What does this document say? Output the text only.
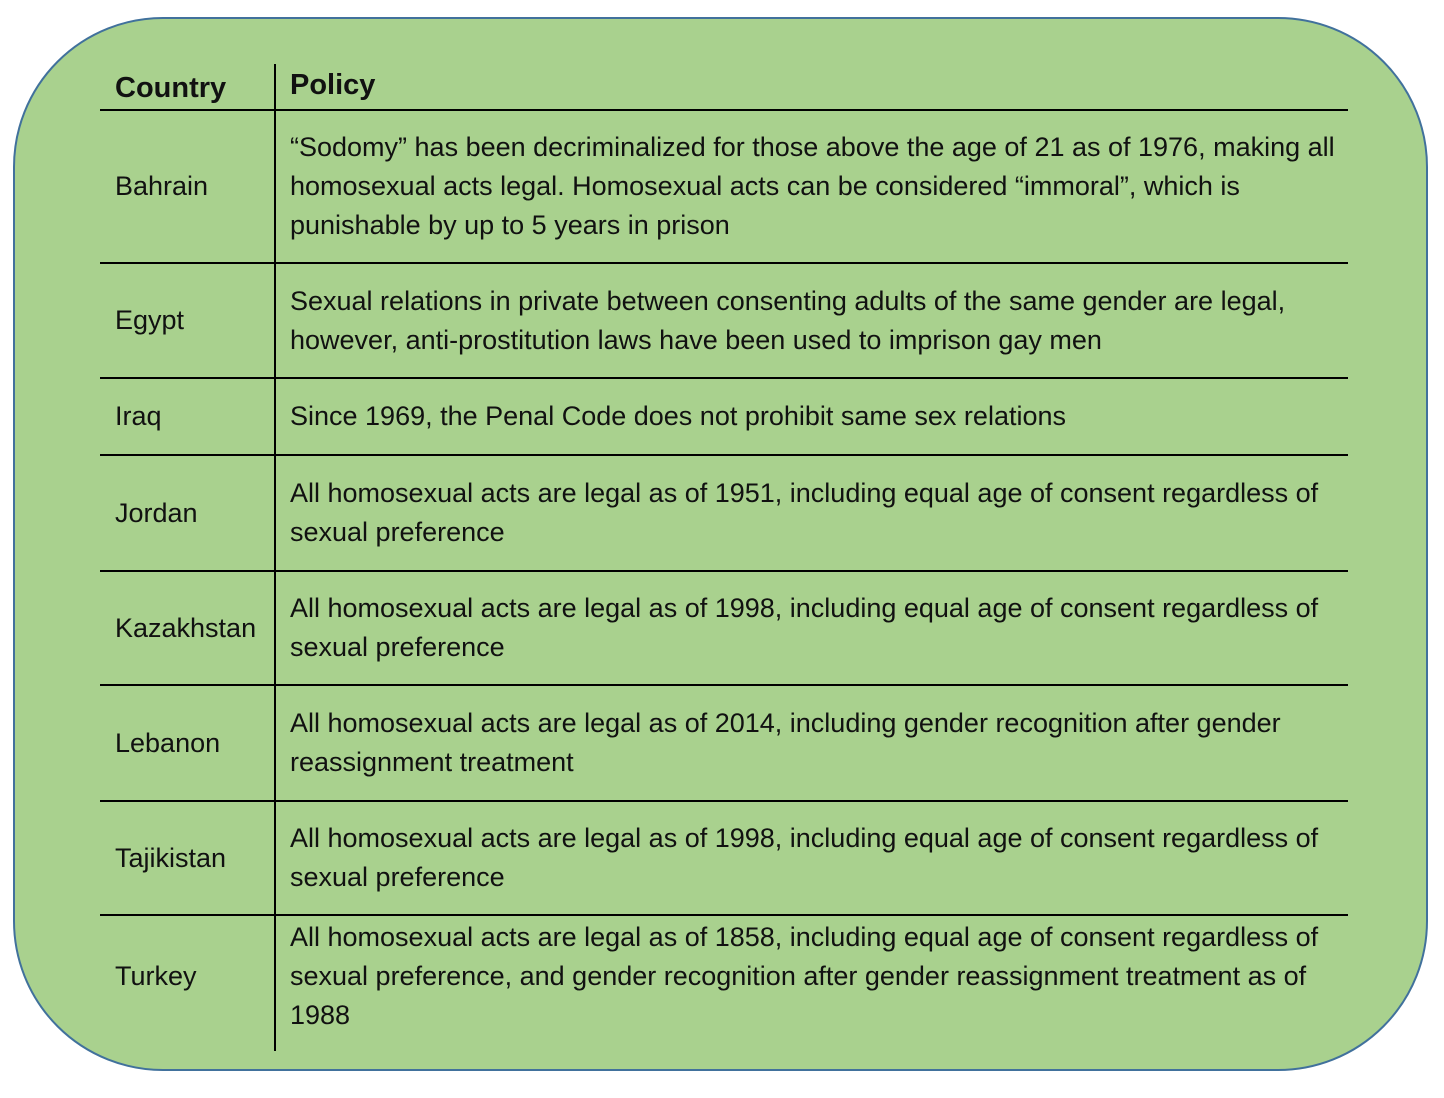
Country	Policy
Bahrain
“Sodomy” has been decriminalized for those above the age of 21 as of 1976, making all homosexual acts legal. Homosexual acts can be considered “immoral”, which is punishable by up to 5 years in prison
Egypt
Sexual relations in private between consenting adults of the same gender are legal, however, anti-prostitution laws have been used to imprison gay men
Iraq	Since 1969, the Penal Code does not prohibit same sex relations
Jordan
All homosexual acts are legal as of 1951, including equal age of consent regardless of sexual preference
Kazakhstan
All homosexual acts are legal as of 1998, including equal age of consent regardless of sexual preference
Lebanon
All homosexual acts are legal as of 2014, including gender recognition after gender reassignment treatment
Tajikistan
All homosexual acts are legal as of 1998, including equal age of consent regardless of sexual preference
Turkey
All homosexual acts are legal as of 1858, including equal age of consent regardless of sexual preference, and gender recognition after gender reassignment treatment as of 1988
